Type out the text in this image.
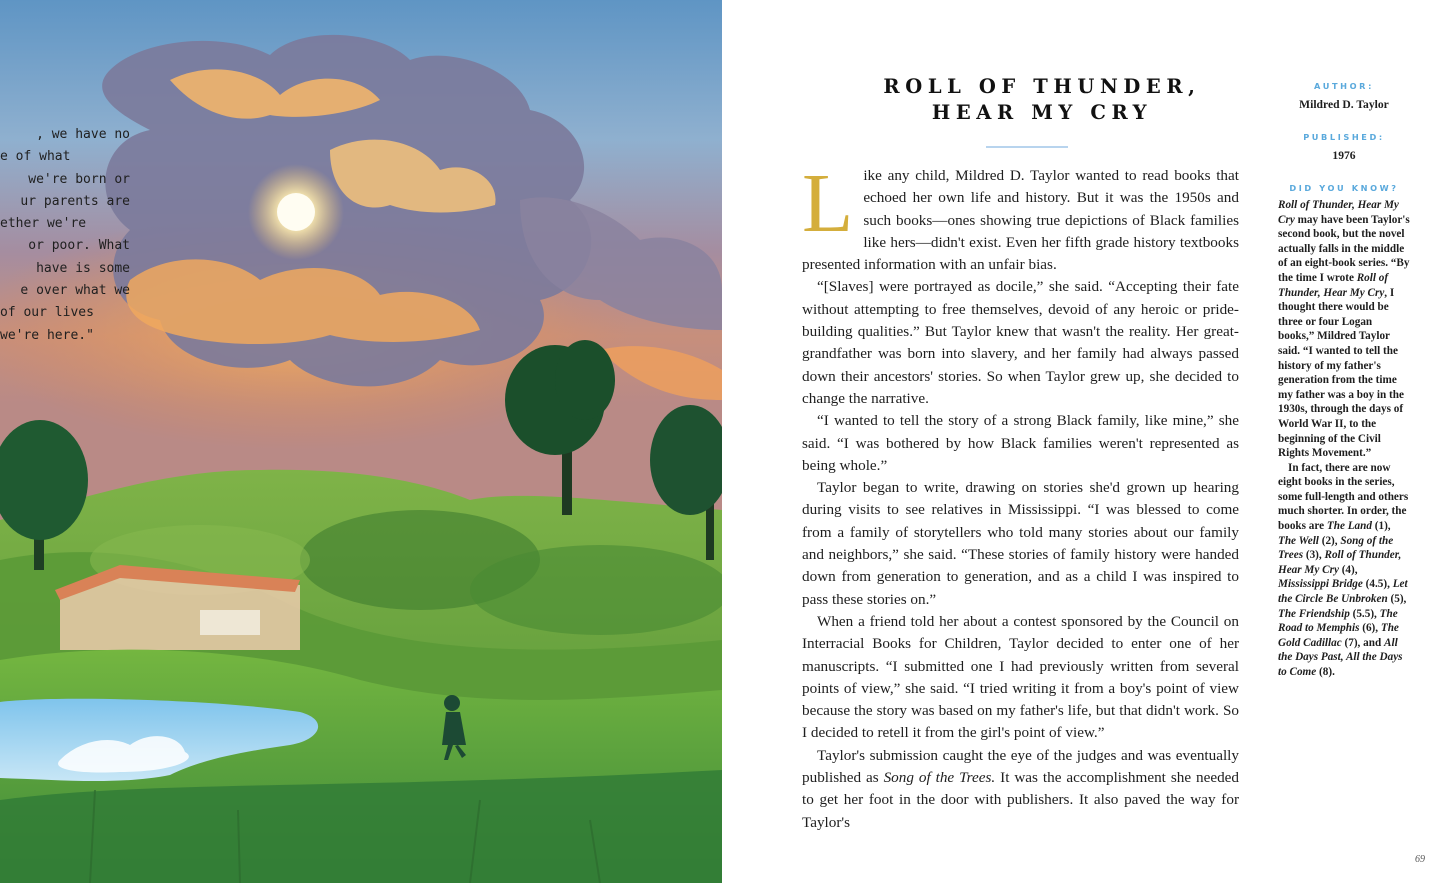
, we have no
e of what
we're born or
ur parents are
ether we're
or poor. What
have is some
e over what we
of our lives
we're here."
ROLL OF THUNDER,
HEAR MY CRY

Like any child, Mildred D. Taylor wanted to read books that echoed her own life and history. But it was the 1950s and such books—ones showing true depictions of Black families like hers—didn't exist. Even her fifth grade history textbooks presented information with an unfair bias.

“[Slaves] were portrayed as docile,” she said. “Accepting their fate without attempting to free themselves, devoid of any heroic or pride-building qualities.” But Taylor knew that wasn't the reality. Her great-grandfather was born into slavery, and her family had always passed down their ancestors' stories. So when Taylor grew up, she decided to change the narrative.

“I wanted to tell the story of a strong Black family, like mine,” she said. “I was bothered by how Black families weren't represented as being whole.”

Taylor began to write, drawing on stories she'd grown up hearing during visits to see relatives in Mississippi. “I was blessed to come from a family of storytellers who told many stories about our family and neighbors,” she said. “These stories of family history were handed down from generation to generation, and as a child I was inspired to pass these stories on.”

When a friend told her about a contest sponsored by the Council on Interracial Books for Children, Taylor decided to enter one of her manuscripts. “I submitted one I had previously written from several points of view,” she said. “I tried writing it from a boy's point of view because the story was based on my father's life, but that didn't work. So I decided to retell it from the girl's point of view.”

Taylor's submission caught the eye of the judges and was eventually published as Song of the Trees. It was the accomplishment she needed to get her foot in the door with publishers. It also paved the way for Taylor's

AUTHOR:
Mildred D. Taylor
PUBLISHED:
1976
DID YOU KNOW?

Roll of Thunder, Hear My Cry may have been Taylor's second book, but the novel actually falls in the middle of an eight-book series. “By the time I wrote Roll of Thunder, Hear My Cry, I thought there would be three or four Logan books,” Mildred Taylor said. “I wanted to tell the history of my father's generation from the time my father was a boy in the 1930s, through the days of World War II, to the beginning of the Civil Rights Movement.”

In fact, there are now eight books in the series, some full-length and others much shorter. In order, the books are The Land (1), The Well (2), Song of the Trees (3), Roll of Thunder, Hear My Cry (4), Mississippi Bridge (4.5), Let the Circle Be Unbroken (5), The Friendship (5.5), The Road to Memphis (6), The Gold Cadillac (7), and All the Days Past, All the Days to Come (8).

69
